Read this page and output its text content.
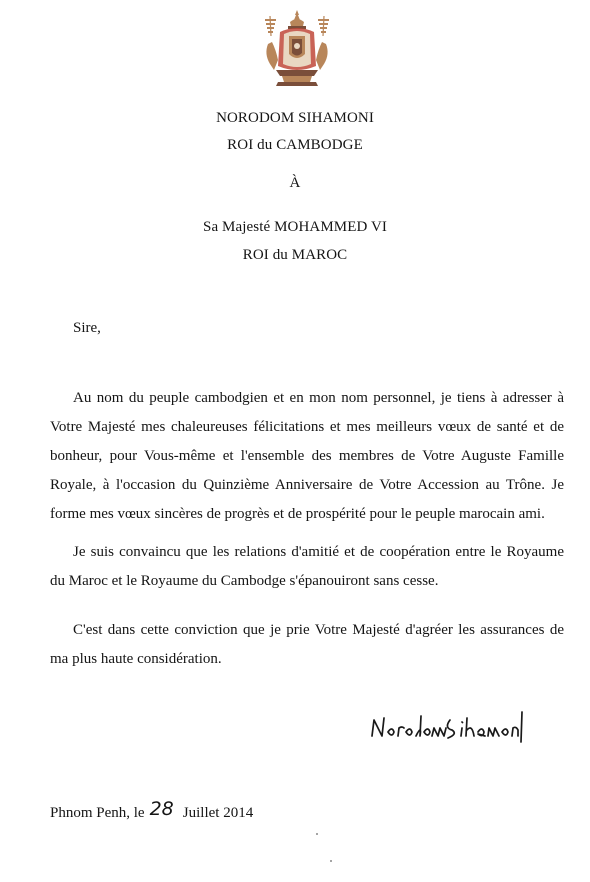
NORODOM SIHAMONI
ROI du CAMBODGE
À
Sa Majesté MOHAMMED VI
ROI du MAROC
Sire,

Au nom du peuple cambodgien et en mon nom personnel, je tiens à adresser à Votre Majesté mes chaleureuses félicitations et mes meilleurs vœux de santé et de bonheur, pour Vous-même et l'ensemble des membres de Votre Auguste Famille Royale, à l'occasion du Quinzième Anniversaire de Votre Accession au Trône. Je forme mes vœux sincères de progrès et de prospérité pour le peuple marocain ami.

Je suis convaincu que les relations d'amitié et de coopération entre le Royaume du Maroc et le Royaume du Cambodge s'épanouiront sans cesse.

C'est dans cette conviction que je prie Votre Majesté d'agréer les assurances de ma plus haute considération.

NorodomSihamoni
Phnom Penh, le 28 Juillet 2014
